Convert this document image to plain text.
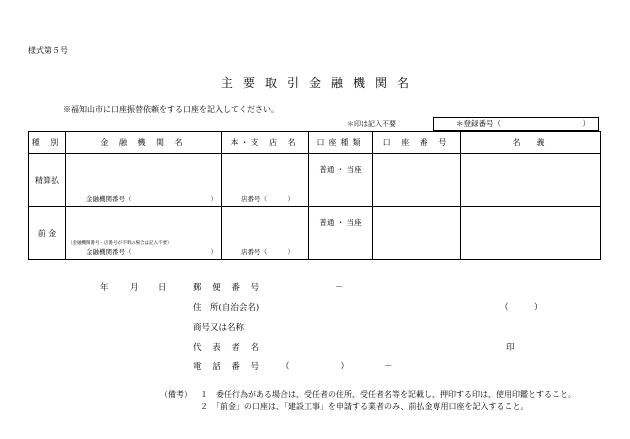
様式第５号
主 要 取 引 金 融 機 関 名
※福知山市に口座振替依頼をする口座を記入してください。
＊印は記入不要	＊登録番号（	）
種 別	金 融 機 関 名	本･支 店 名	口座種類	口 座 番 号	名　義
精算払	金融機関番号（ ）	店番号（ ）	普通 ・ 当座		
前 金	金融機関番号（ ）	店番号（ ）	普通 ・ 当座		
（金融機関番号・店番号が不明の場合は記入不要）
年	月 日	郵 便 番 号	－
住　所(自治会名)	（　　　）
商号又は名称
代 表 者 名	印
電 話 番 号 （　　　　　　）	－
（備考） １　委任行為がある場合は、受任者の住所、受任者名等を記載し、押印する印は、使用印鑑とすること。
２　「前金」の口座は、「建設工事」を申請する業者のみ、前払金専用口座を記入すること。
